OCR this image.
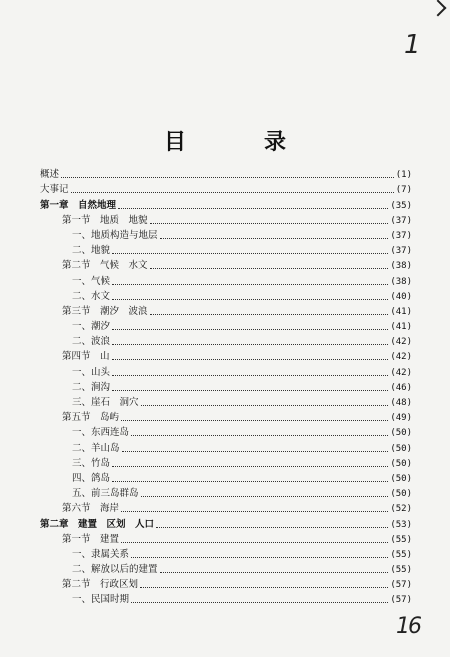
1
目　录
概述	(1)
大事记	(7)
第一章　自然地理	(35)
第一节　地质　地貌	(37)
一、地质构造与地层	(37)
二、地貌	(37)
第二节　气候　水文	(38)
一、气候	(38)
二、水文	(40)
第三节　潮汐　波浪	(41)
一、潮汐	(41)
二、波浪	(42)
第四节　山	(42)
一、山头	(42)
二、涧沟	(46)
三、崖石　洞穴	(48)
第五节　岛屿	(49)
一、东西连岛	(50)
二、羊山岛	(50)
三、竹岛	(50)
四、鸽岛	(50)
五、前三岛群岛	(50)
第六节　海岸	(52)
第二章　建置　区划　人口	(53)
第一节　建置	(55)
一、隶属关系	(55)
二、解放以后的建置	(55)
第二节　行政区划	(57)
一、民国时期	(57)
16
